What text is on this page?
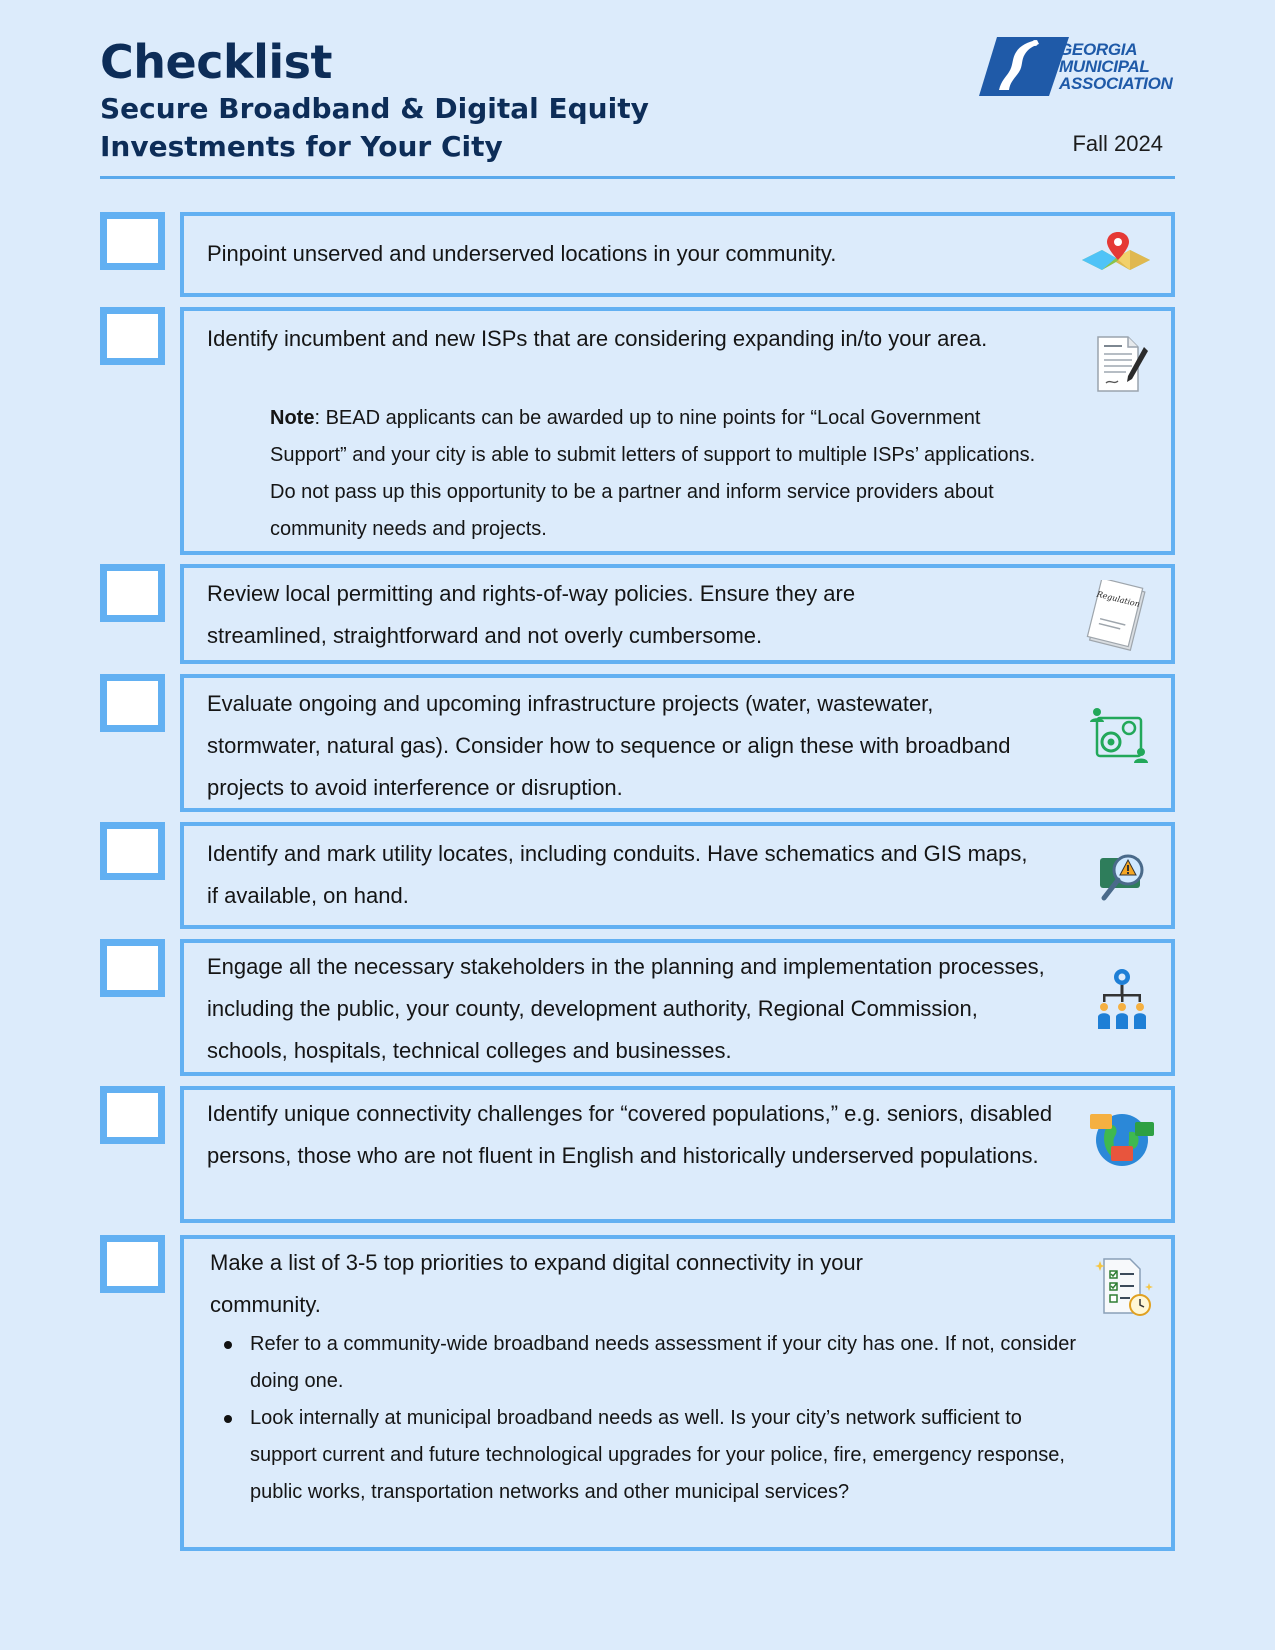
Checklist
Secure Broadband & Digital Equity Investments for Your City
GEORGIA
MUNICIPAL
ASSOCIATION
Fall 2024
Pinpoint unserved and underserved locations in your community.
Identify incumbent and new ISPs that are considering expanding in/to your area.
Note: BEAD applicants can be awarded up to nine points for “Local Government Support” and your city is able to submit letters of support to multiple ISPs’ applications. Do not pass up this opportunity to be a partner and inform service providers about community needs and projects.
Review local permitting and rights-of-way policies. Ensure they are streamlined, straightforward and not overly cumbersome.
Regulation
Evaluate ongoing and upcoming infrastructure projects (water, wastewater, stormwater, natural gas). Consider how to sequence or align these with broadband projects to avoid interference or disruption.
Identify and mark utility locates, including conduits. Have schematics and GIS maps, if available, on hand.
Engage all the necessary stakeholders in the planning and implementation processes, including the public, your county, development authority, Regional Commission, schools, hospitals, technical colleges and businesses.
Identify unique connectivity challenges for “covered populations,” e.g. seniors, disabled persons, those who are not fluent in English and historically underserved populations.
Make a list of 3-5 top priorities to expand digital connectivity in your community.
Refer to a community-wide broadband needs assessment if your city has one. If not, consider doing one.
Look internally at municipal broadband needs as well. Is your city’s network sufficient to support current and future technological upgrades for your police, fire, emergency response, public works, transportation networks and other municipal services?
